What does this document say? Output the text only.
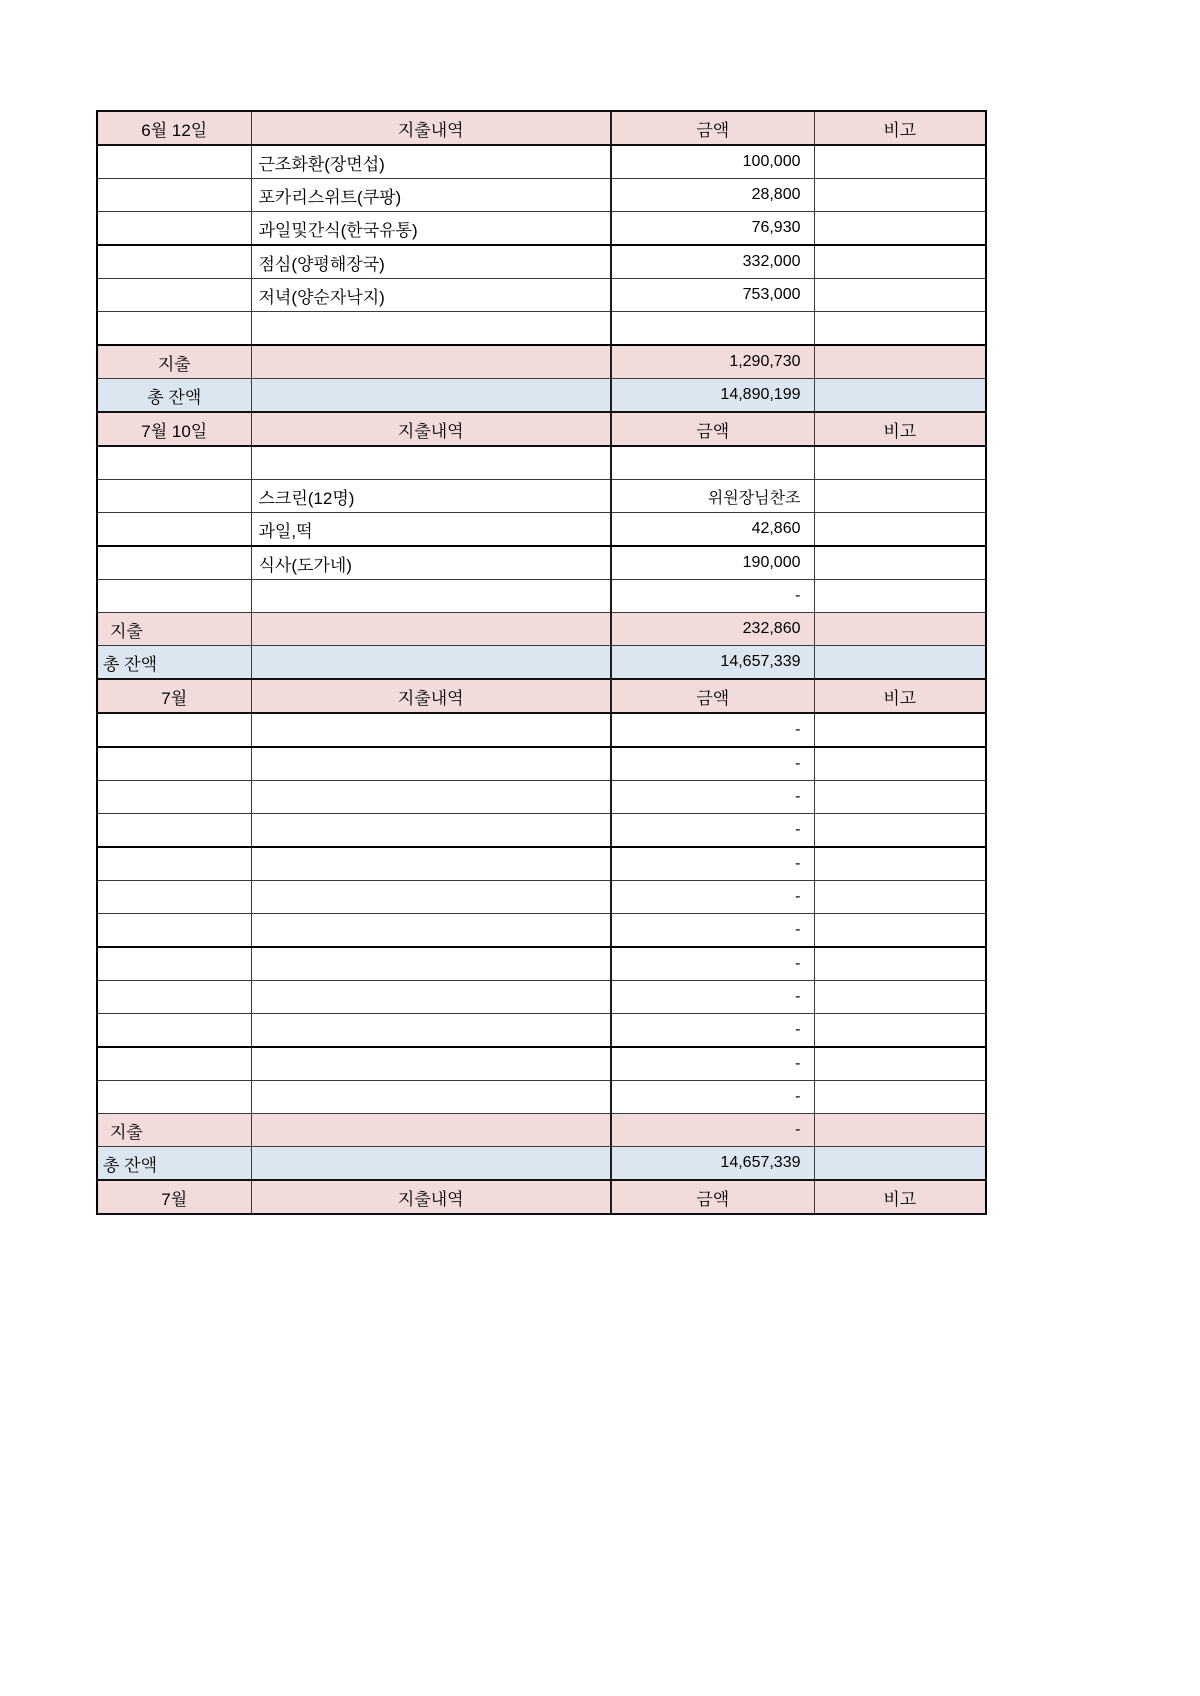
6월 12일	지출내역	금액	비고
	근조화환(장면섭)	100,000	
	포카리스위트(쿠팡)	28,800	
	과일및간식(한국유통)	76,930	
	점심(양평해장국)	332,000	
	저녁(양순자낙지)	753,000	

지출		1,290,730	
총 잔액		14,890,199	
7월 10일	지출내역	금액	비고

	스크린(12명)	위원장님찬조	
	과일,떡	42,860	
	식사(도가네)	190,000	
		-	
지출		232,860	
총 잔액		14,657,339	
7월	지출내역	금액	비고
		-	
		-	
		-	
		-	
		-	
		-	
		-	
		-	
		-	
		-	
		-	
		-	
지출		-	
총 잔액		14,657,339	
7월	지출내역	금액	비고
